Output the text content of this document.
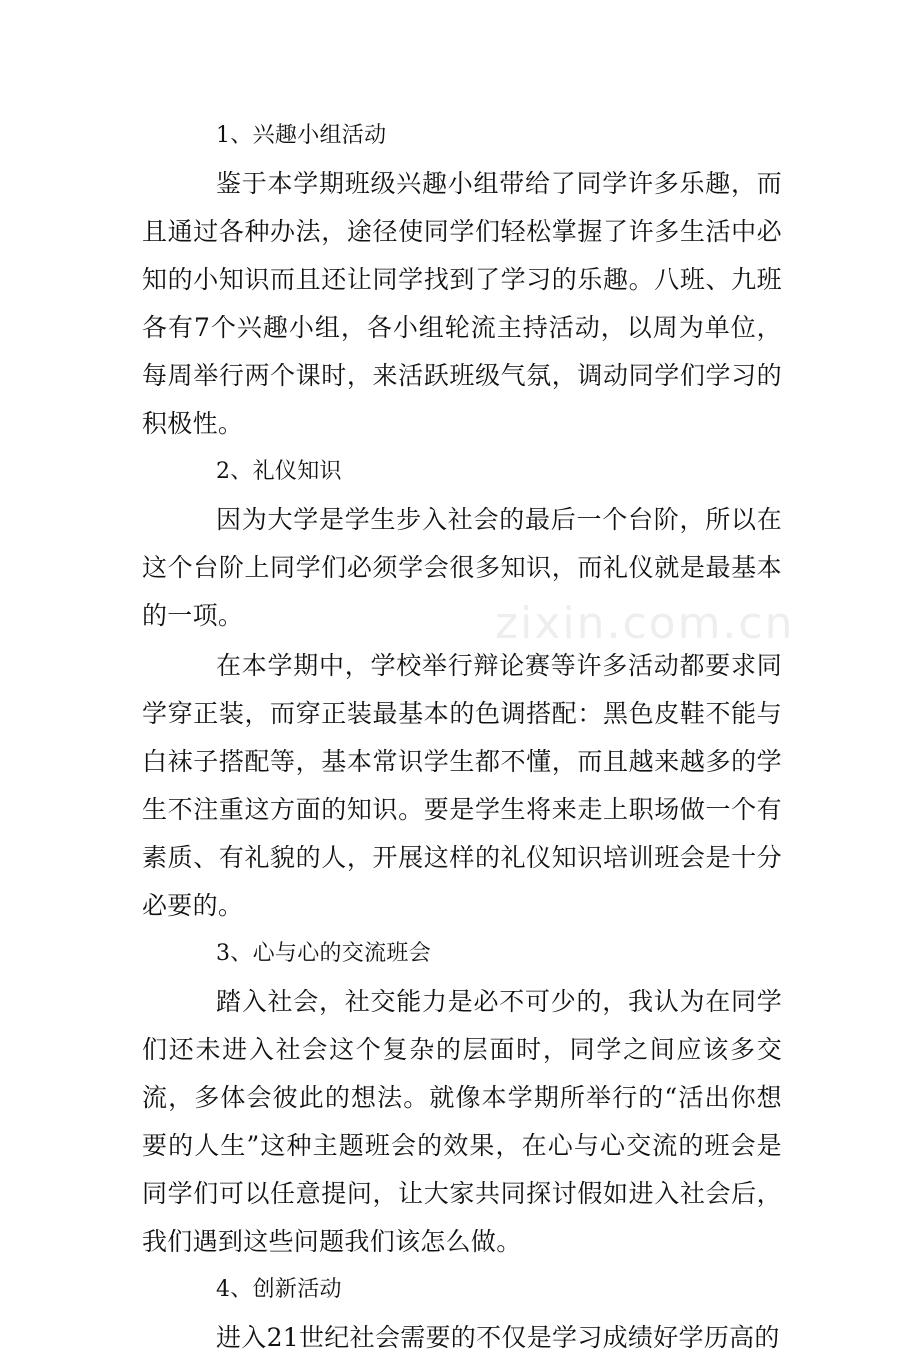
1、兴趣小组活动

鉴于本学期班级兴趣小组带给了同学许多乐趣，而且通过各种办法，途径使同学们轻松掌握了许多生活中必知的小知识而且还让同学找到了学习的乐趣。八班、九班各有7个兴趣小组，各小组轮流主持活动，以周为单位，每周举行两个课时，来活跃班级气氛，调动同学们学习的积极性。

2、礼仪知识

因为大学是学生步入社会的最后一个台阶，所以在这个台阶上同学们必须学会很多知识，而礼仪就是最基本的一项。

在本学期中，学校举行辩论赛等许多活动都要求同学穿正装，而穿正装最基本的色调搭配：黑色皮鞋不能与白袜子搭配等，基本常识学生都不懂，而且越来越多的学生不注重这方面的知识。要是学生将来走上职场做一个有素质、有礼貌的人，开展这样的礼仪知识培训班会是十分必要的。

3、心与心的交流班会

踏入社会，社交能力是必不可少的，我认为在同学们还未进入社会这个复杂的层面时，同学之间应该多交流，多体会彼此的想法。就像本学期所举行的“活出你想要的人生”这种主题班会的效果，在心与心交流的班会是同学们可以任意提问，让大家共同探讨假如进入社会后，我们遇到这些问题我们该怎么做。

4、创新活动

进入21世纪社会需要的不仅是学习成绩好学历高的

zixin.com.cn
